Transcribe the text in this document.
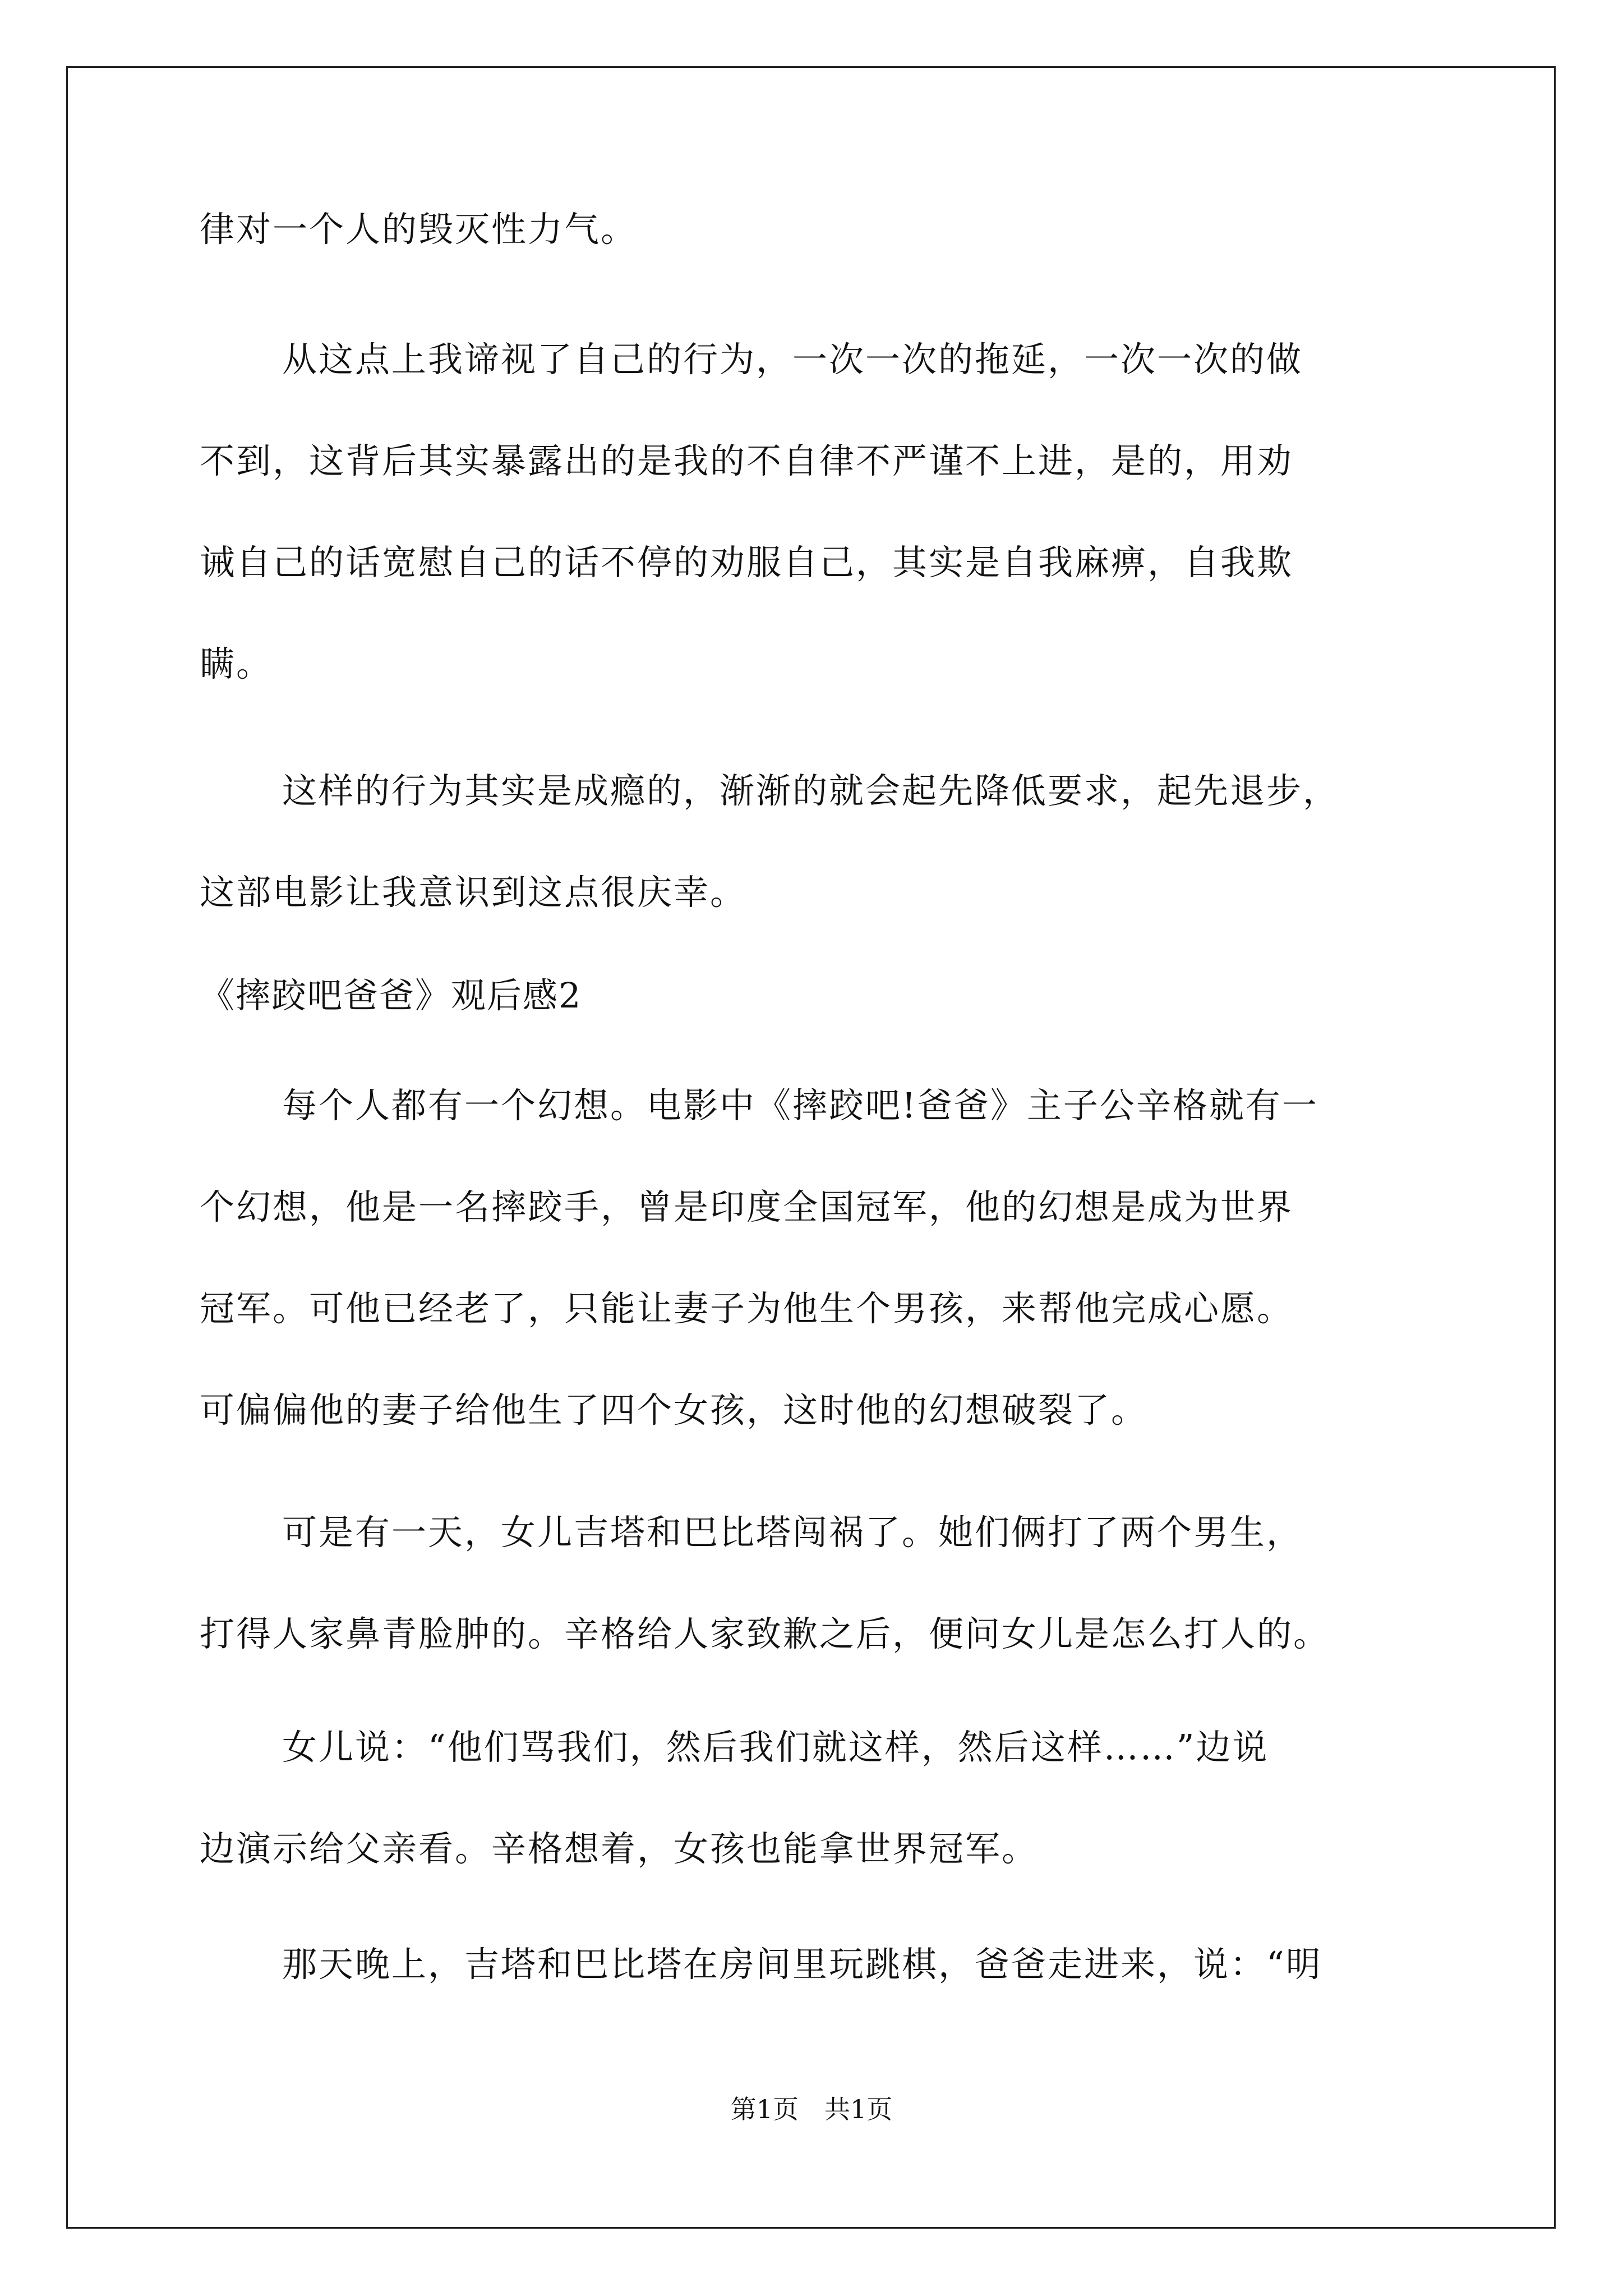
律对一个人的毁灭性力气。
从这点上我谛视了自己的行为，一次一次的拖延，一次一次的做
不到，这背后其实暴露出的是我的不自律不严谨不上进，是的，用劝
诫自己的话宽慰自己的话不停的劝服自己，其实是自我麻痹，自我欺
瞒。
这样的行为其实是成瘾的，渐渐的就会起先降低要求，起先退步，
这部电影让我意识到这点很庆幸。
《摔跤吧爸爸》观后感2
每个人都有一个幻想。电影中《摔跤吧!爸爸》主子公辛格就有一
个幻想，他是一名摔跤手，曾是印度全国冠军，他的幻想是成为世界
冠军。可他已经老了，只能让妻子为他生个男孩，来帮他完成心愿。
可偏偏他的妻子给他生了四个女孩，这时他的幻想破裂了。
可是有一天，女儿吉塔和巴比塔闯祸了。她们俩打了两个男生，
打得人家鼻青脸肿的。辛格给人家致歉之后，便问女儿是怎么打人的。
女儿说：“他们骂我们，然后我们就这样，然后这样……”边说
边演示给父亲看。辛格想着，女孩也能拿世界冠军。
那天晚上，吉塔和巴比塔在房间里玩跳棋，爸爸走进来，说：“明
第1页　共1页
